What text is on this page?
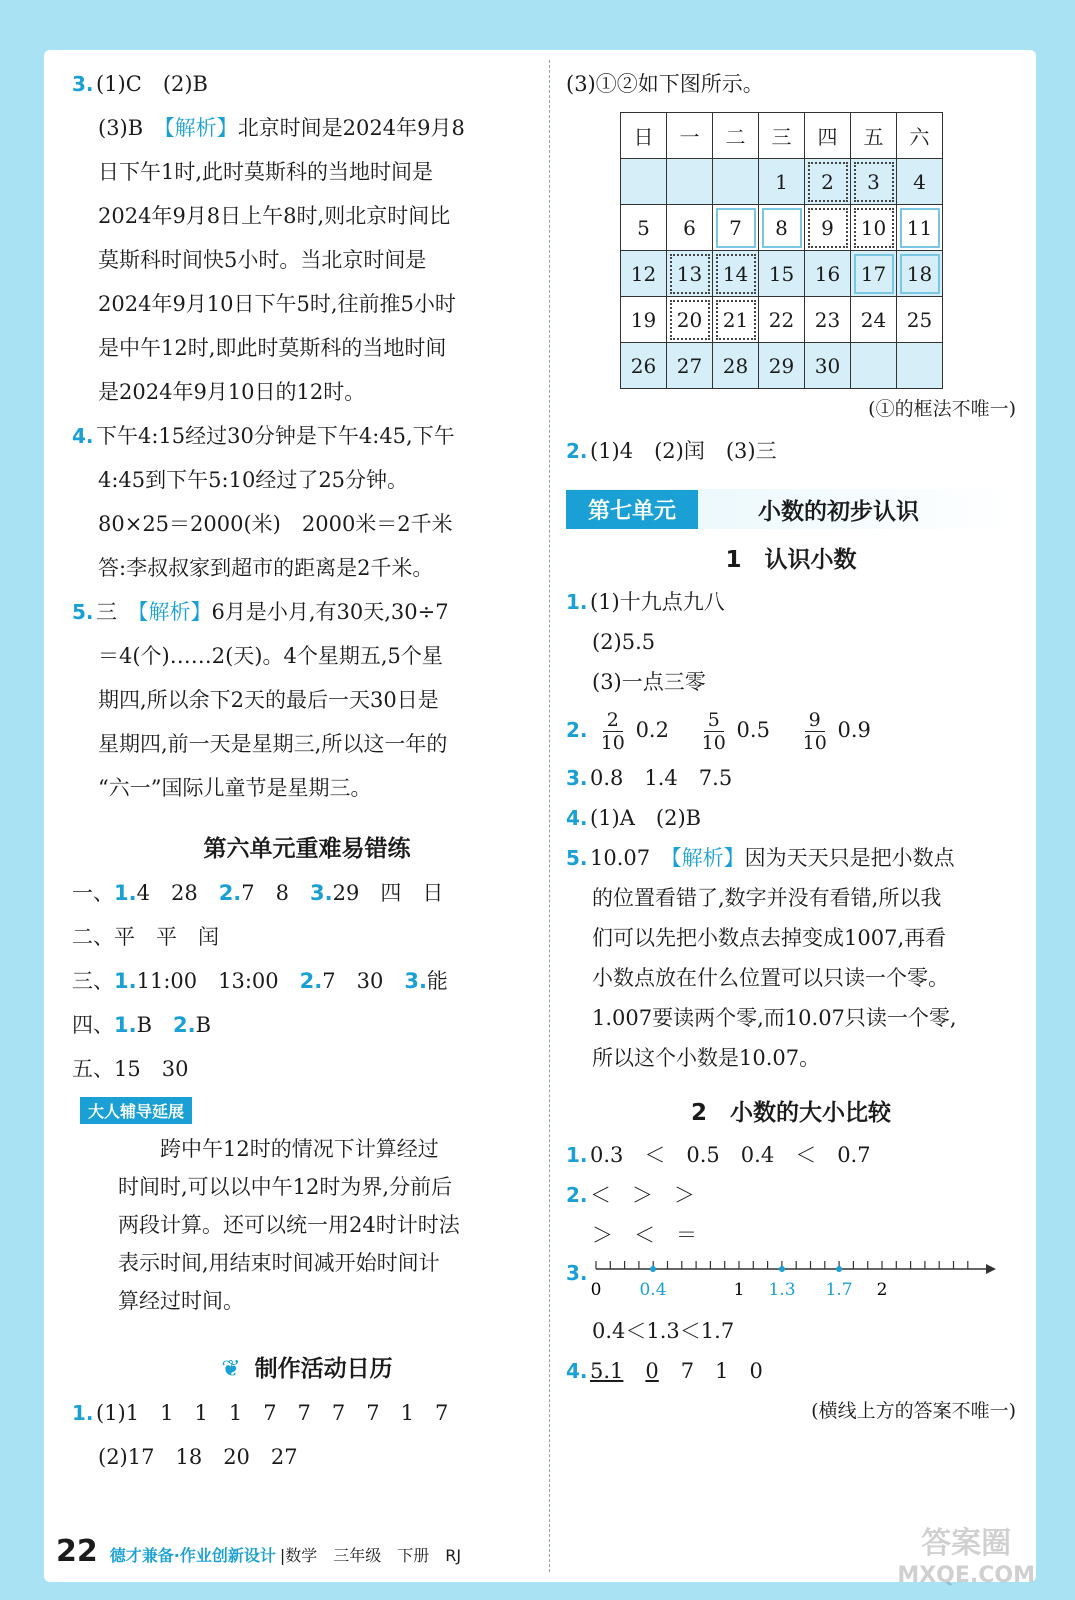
3. (1)C　(2)B
(3)B　【解析】北京时间是2024年9月8
日下午1时,此时莫斯科的当地时间是
2024年9月8日上午8时,则北京时间比
莫斯科时间快5小时。当北京时间是
2024年9月10日下午5时,往前推5小时
是中午12时,即此时莫斯科的当地时间
是2024年9月10日的12时。
4. 下午4:15经过30分钟是下午4:45,下午
4:45到下午5:10经过了25分钟。
80×25＝2000(米)　2000米＝2千米
答:李叔叔家到超市的距离是2千米。
5. 三　【解析】6月是小月,有30天,30÷7
＝4(个)……2(天)。4个星期五,5个星
期四,所以余下2天的最后一天30日是
星期四,前一天是星期三,所以这一年的
“六一”国际儿童节是星期三。
第六单元重难易错练
一、1.4　28　2.7　8　3.29　四　日
二、平　平　闰
三、1.11:00　13:00　2.7　30　3.能
四、1.B　2.B
五、15　30
大人辅导延展

跨中午12时的情况下计算经过

时间时,可以以中午12时为界,分前后
两段计算。还可以统一用24时计时法
表示时间,用结束时间减开始时间计
算经过时间。
❦ 制作活动日历
1. (1)1　1　1　1　7　7　7　7　1　7
(2)17　18　20　27
(3)①②如下图所示。
日	一	二	三	四	五	六
			1	2	3	4
5	6	7	8	9	10	11
12	13	14	15	16	17	18
19	20	21	22	23	24	25
26	27	28	29	30		
(①的框法不唯一)
2. (1)4　(2)闰　(3)三
第七单元	小数的初步认识
1　认识小数
1. (1)十九点九八
(2)5.5
(3)一点三零
2. $\frac{2}{10} 0.2 \frac{5}{10} 0.5 \frac{9}{10} 0.9$
3. 0.8　1.4　7.5
4. (1)A　(2)B
5. 10.07　【解析】因为天天只是把小数点
的位置看错了,数字并没有看错,所以我
们可以先把小数点去掉变成1007,再看
小数点放在什么位置可以只读一个零。
1.007要读两个零,而10.07只读一个零,
所以这个小数是10.07。
2　小数的大小比较
1. 0.3　＜　0.5　0.4　＜　0.7
2. ＜　＞　＞
＞　＜　＝
3.
0 0.4	1 1.3 1.7 2
0.4＜1.3＜1.7
4. 5.1 0 7　1　0
(横线上方的答案不唯一)
22 德才兼备·作业创新设计 |数学　三年级　下册　RJ	答案圈
MXQE.COM
